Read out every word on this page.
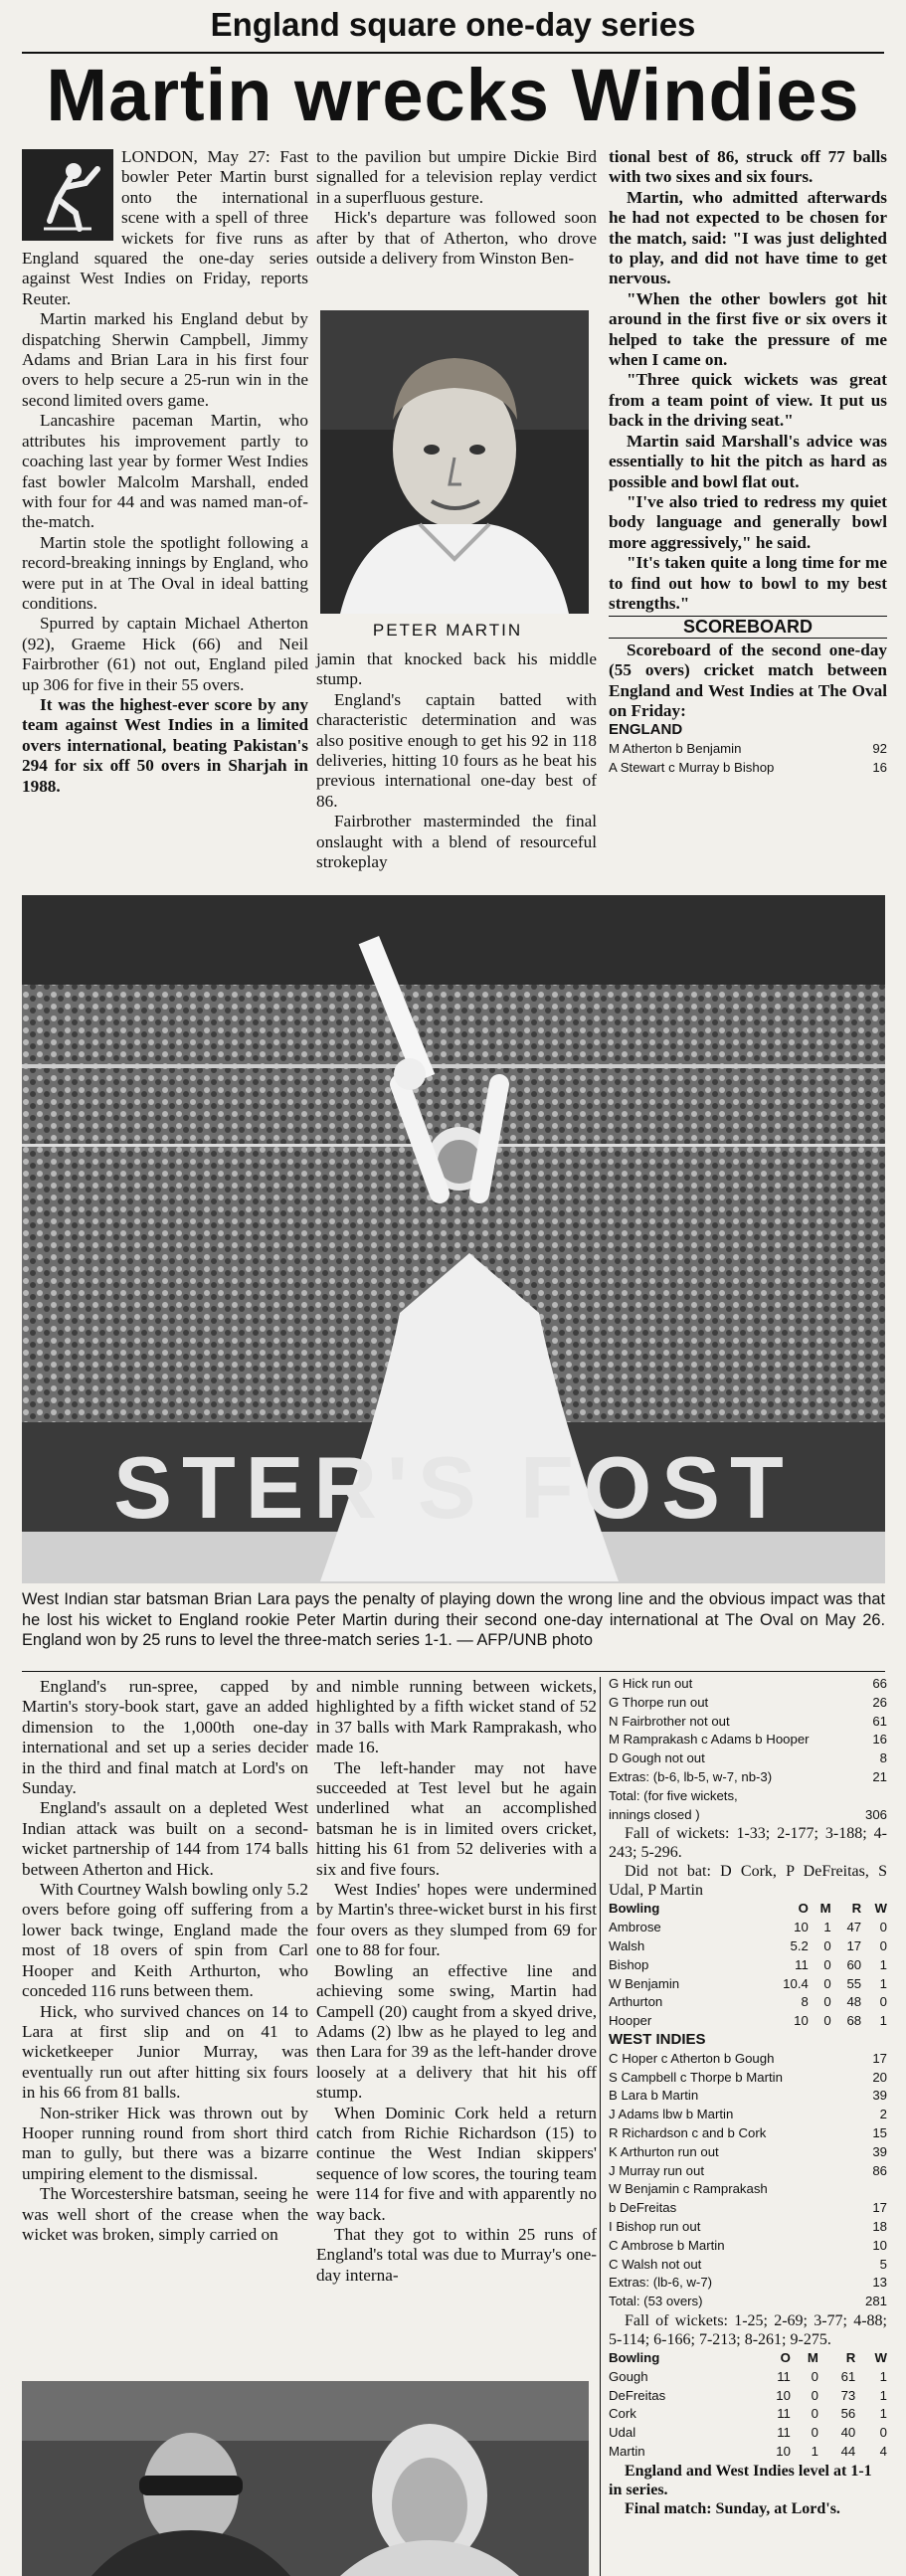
England square one-day series
Martin wrecks Windies

LONDON, May 27: Fast bowler Peter Martin burst onto the international scene with a spell of three wickets for five runs as England squared the one-day series against West Indies on Friday, reports Reuter.

Martin marked his England debut by dispatching Sherwin Campbell, Jimmy Adams and Brian Lara in his first four overs to help secure a 25-run win in the second limited overs game.

Lancashire paceman Martin, who attributes his improvement partly to coaching last year by former West Indies fast bowler Malcolm Marshall, ended with four for 44 and was named man-of-the-match.

Martin stole the spotlight following a record-breaking innings by England, who were put in at The Oval in ideal batting conditions.

Spurred by captain Michael Atherton (92), Graeme Hick (66) and Neil Fairbrother (61) not out, England piled up 306 for five in their 55 overs.

It was the highest-ever score by any team against West Indies in a limited overs international, beating Pakistan's 294 for six off 50 overs in Sharjah in 1988.

to the pavilion but umpire Dickie Bird signalled for a television replay verdict in a superfluous gesture.

Hick's departure was followed soon after by that of Atherton, who drove outside a delivery from Winston Ben-

PETER MARTIN

jamin that knocked back his middle stump.

England's captain batted with characteristic determination and was also positive enough to get his 92 in 118 deliveries, hitting 10 fours as he beat his previous international one-day best of 86.

Fairbrother masterminded the final onslaught with a blend of resourceful strokeplay

tional best of 86, struck off 77 balls with two sixes and six fours.

Martin, who admitted afterwards he had not expected to be chosen for the match, said: "I was just delighted to play, and did not have time to get nervous.

"When the other bowlers got hit around in the first five or six overs it helped to take the pressure of me when I came on.

"Three quick wickets was great from a team point of view. It put us back in the driving seat."

Martin said Marshall's advice was essentially to hit the pitch as hard as possible and bowl flat out.

"I've also tried to redress my quiet body language and generally bowl more aggressively," he said.

"It's taken quite a long time for me to find out how to bowl to my best strengths."

SCOREBOARD

Scoreboard of the second one-day (55 overs) cricket match between England and West Indies at The Oval on Friday:

ENGLAND
M Atherton b Benjamin	92
A Stewart c Murray b Bishop	16
STER'S FOST
West Indian star batsman Brian Lara pays the penalty of playing down the wrong line and the obvious impact was that he lost his wicket to England rookie Peter Martin during their second one-day international at The Oval on May 26. England won by 25 runs to level the three-match series 1-1. — AFP/UNB photo

England's run-spree, capped by Martin's story-book start, gave an added dimension to the 1,000th one-day international and set up a series decider in the third and final match at Lord's on Sunday.

England's assault on a depleted West Indian attack was built on a second-wicket partnership of 144 from 174 balls between Atherton and Hick.

With Courtney Walsh bowling only 5.2 overs before going off suffering from a lower back twinge, England made the most of 18 overs of spin from Carl Hooper and Keith Arthurton, who conceded 116 runs between them.

Hick, who survived chances on 14 to Lara at first slip and on 41 to wicketkeeper Junior Murray, was eventually run out after hitting six fours in his 66 from 81 balls.

Non-striker Hick was thrown out by Hooper running round from short third man to gully, but there was a bizarre umpiring element to the dismissal.

The Worcestershire batsman, seeing he was well short of the crease when the wicket was broken, simply carried on

and nimble running between wickets, highlighted by a fifth wicket stand of 52 in 37 balls with Mark Ramprakash, who made 16.

The left-hander may not have succeeded at Test level but he again underlined what an accomplished batsman he is in limited overs cricket, hitting his 61 from 52 deliveries with a six and five fours.

West Indies' hopes were undermined by Martin's three-wicket burst in his first four overs as they slumped from 69 for one to 88 for four.

Bowling an effective line and achieving some swing, Martin had Campell (20) caught from a skyed drive, Adams (2) lbw as he played to leg and then Lara for 39 as the left-hander drove loosely at a delivery that hit his off stump.

When Dominic Cork held a return catch from Richie Richardson (15) to continue the West Indian skippers' sequence of low scores, the touring team were 114 for five and with apparently no way back.

That they got to within 25 runs of England's total was due to Murray's one-day interna-

G Hick run out	66
G Thorpe run out	26
N Fairbrother not out	61
M Ramprakash c Adams b Hooper	16
D Gough not out	8
Extras: (b-6, lb-5, w-7, nb-3)	21
Total: (for five wickets,	
innings closed )	306
Fall of wickets: 1-33; 2-177; 3-188; 4-243; 5-296.
Did not bat: D Cork, P DeFreitas, S Udal, P Martin
Bowling	O	M	R	W
Ambrose	10	1	47	0
Walsh	5.2	0	17	0
Bishop	11	0	60	1
W Benjamin	10.4	0	55	1
Arthurton	8	0	48	0
Hooper	10	0	68	1
WEST INDIES
C Hoper c Atherton b Gough	17
S Campbell c Thorpe b Martin	20
B Lara b Martin	39
J Adams lbw b Martin	2
R Richardson c and b Cork	15
K Arthurton run out	39
J Murray run out	86
W Benjamin c Ramprakash	
b DeFreitas	17
I Bishop run out	18
C Ambrose b Martin	10
C Walsh not out	5
Extras: (lb-6, w-7)	13
Total: (53 overs)	281
Fall of wickets: 1-25; 2-69; 3-77; 4-88; 5-114; 6-166; 7-213; 8-261; 9-275.
Bowling	O	M	R	W
Gough	11	0	61	1
DeFreitas	10	0	73	1
Cork	11	0	56	1
Udal	11	0	40	0
Martin	10	1	44	4
England and West Indies level at 1-1 in series.
Final match: Sunday, at Lord's.
